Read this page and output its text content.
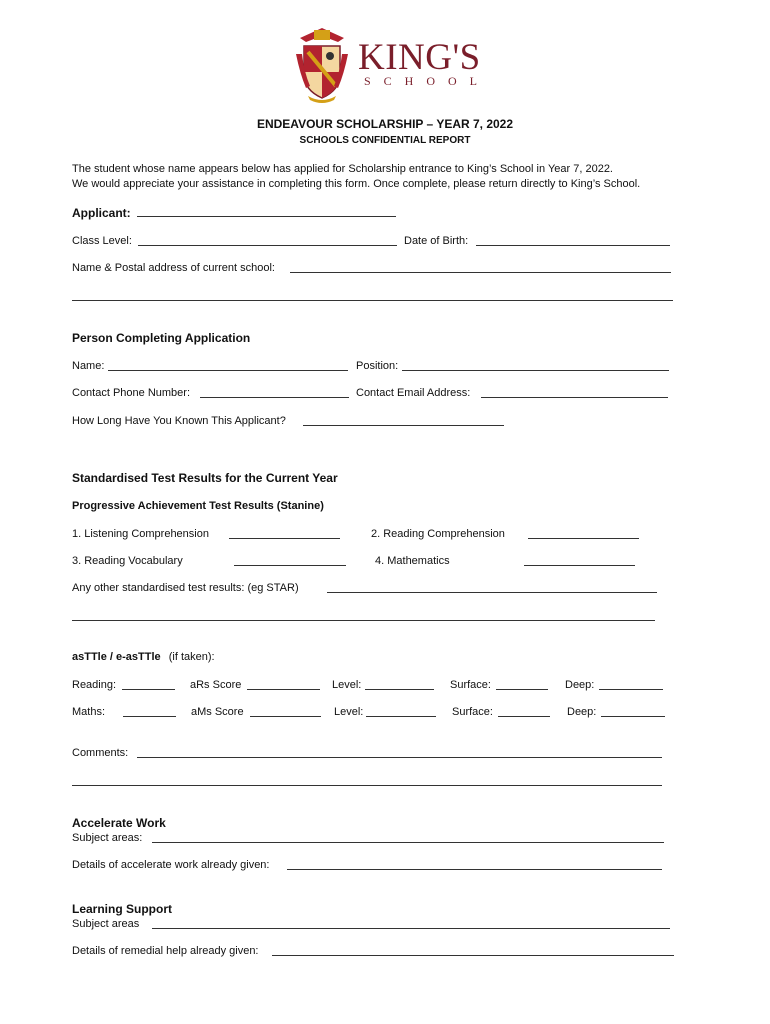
KING'S
SCHOOL
ENDEAVOUR SCHOLARSHIP – YEAR 7, 2022
SCHOOLS CONFIDENTIAL REPORT
The student whose name appears below has applied for Scholarship entrance to King’s School in Year 7, 2022.
We would appreciate your assistance in completing this form. Once complete, please return directly to King’s School.
Applicant:
Class Level:	Date of Birth:
Name & Postal address of current school:
Person Completing Application
Name:	Position:
Contact Phone Number:	Contact Email Address:
How Long Have You Known This Applicant?
Standardised Test Results for the Current Year
Progressive Achievement Test Results (Stanine)
1. Listening Comprehension	2. Reading Comprehension
3. Reading Vocabulary	4. Mathematics
Any other standardised test results: (eg STAR)
asTTle / e-asTTle (if taken):
Reading:	aRs Score	Level:	Surface:	Deep:
Maths:	aMs Score	Level:	Surface:	Deep:
Comments:
Accelerate Work
Subject areas:
Details of accelerate work already given:
Learning Support
Subject areas
Details of remedial help already given:
